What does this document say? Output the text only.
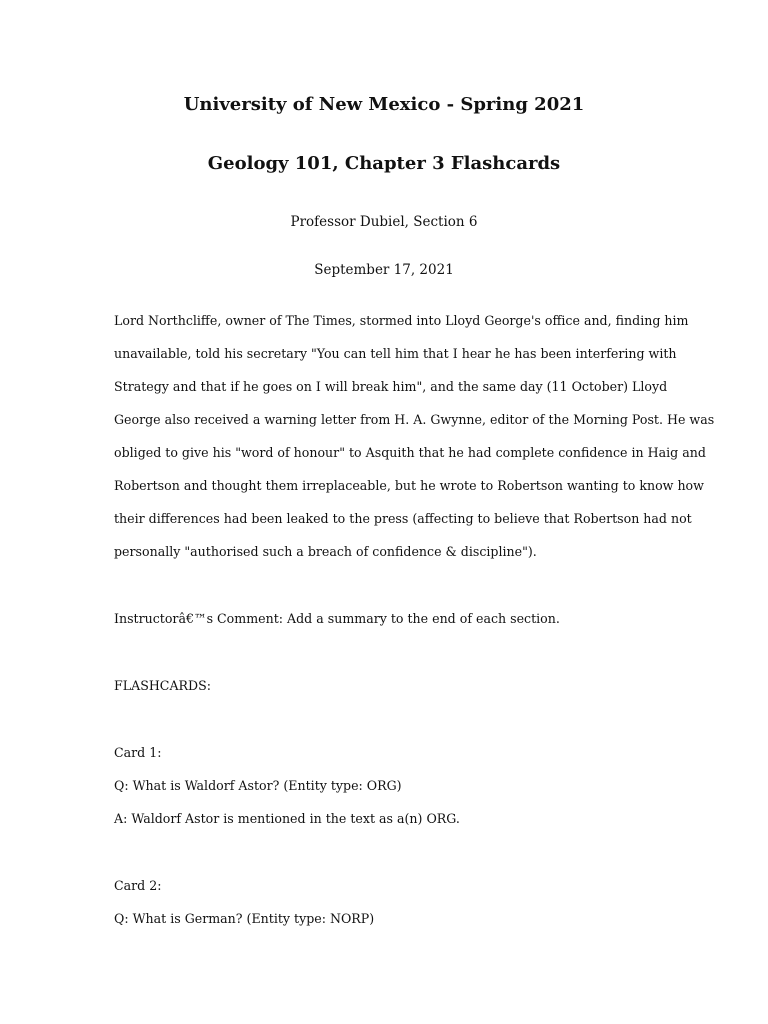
University of New Mexico - Spring 2021
Geology 101, Chapter 3 Flashcards
Professor Dubiel, Section 6
September 17, 2021
Lord Northcliffe, owner of The Times, stormed into Lloyd George's office and, finding him
unavailable, told his secretary "You can tell him that I hear he has been interfering with
Strategy and that if he goes on I will break him", and the same day (11 October) Lloyd
George also received a warning letter from H. A. Gwynne, editor of the Morning Post. He was
obliged to give his "word of honour" to Asquith that he had complete confidence in Haig and
Robertson and thought them irreplaceable, but he wrote to Robertson wanting to know how
their differences had been leaked to the press (affecting to believe that Robertson had not
personally "authorised such a breach of confidence & discipline").
Instructorâ€™s Comment: Add a summary to the end of each section.
FLASHCARDS:
Card 1:
Q: What is Waldorf Astor? (Entity type: ORG)
A: Waldorf Astor is mentioned in the text as a(n) ORG.
Card 2:
Q: What is German? (Entity type: NORP)
